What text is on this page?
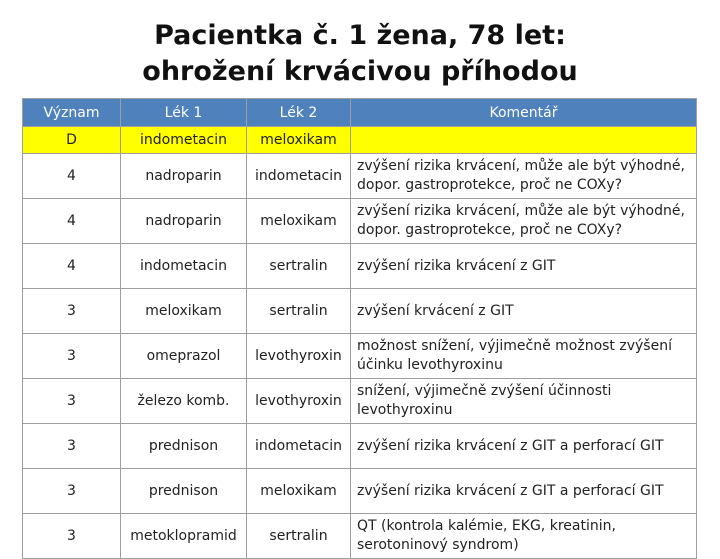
Pacientka č. 1 žena, 78 let:
ohrožení krvácivou příhodou
Význam	Lék 1	Lék 2	Komentář
D	indometacin	meloxikam	
4	nadroparin	indometacin	zvýšení rizika krvácení, může ale být výhodné, dopor. gastroprotekce, proč ne COXy?
4	nadroparin	meloxikam	zvýšení rizika krvácení, může ale být výhodné, dopor. gastroprotekce, proč ne COXy?
4	indometacin	sertralin	zvýšení rizika krvácení z GIT
3	meloxikam	sertralin	zvýšení krvácení z GIT
3	omeprazol	levothyroxin	možnost snížení, výjimečně možnost zvýšení účinku levothyroxinu
3	železo komb.	levothyroxin	snížení, výjimečně zvýšení účinnosti levothyroxinu
3	prednison	indometacin	zvýšení rizika krvácení z GIT a perforací GIT
3	prednison	meloxikam	zvýšení rizika krvácení z GIT a perforací GIT
3	metoklopramid	sertralin	QT (kontrola kalémie, EKG, kreatinin, serotoninový syndrom)
